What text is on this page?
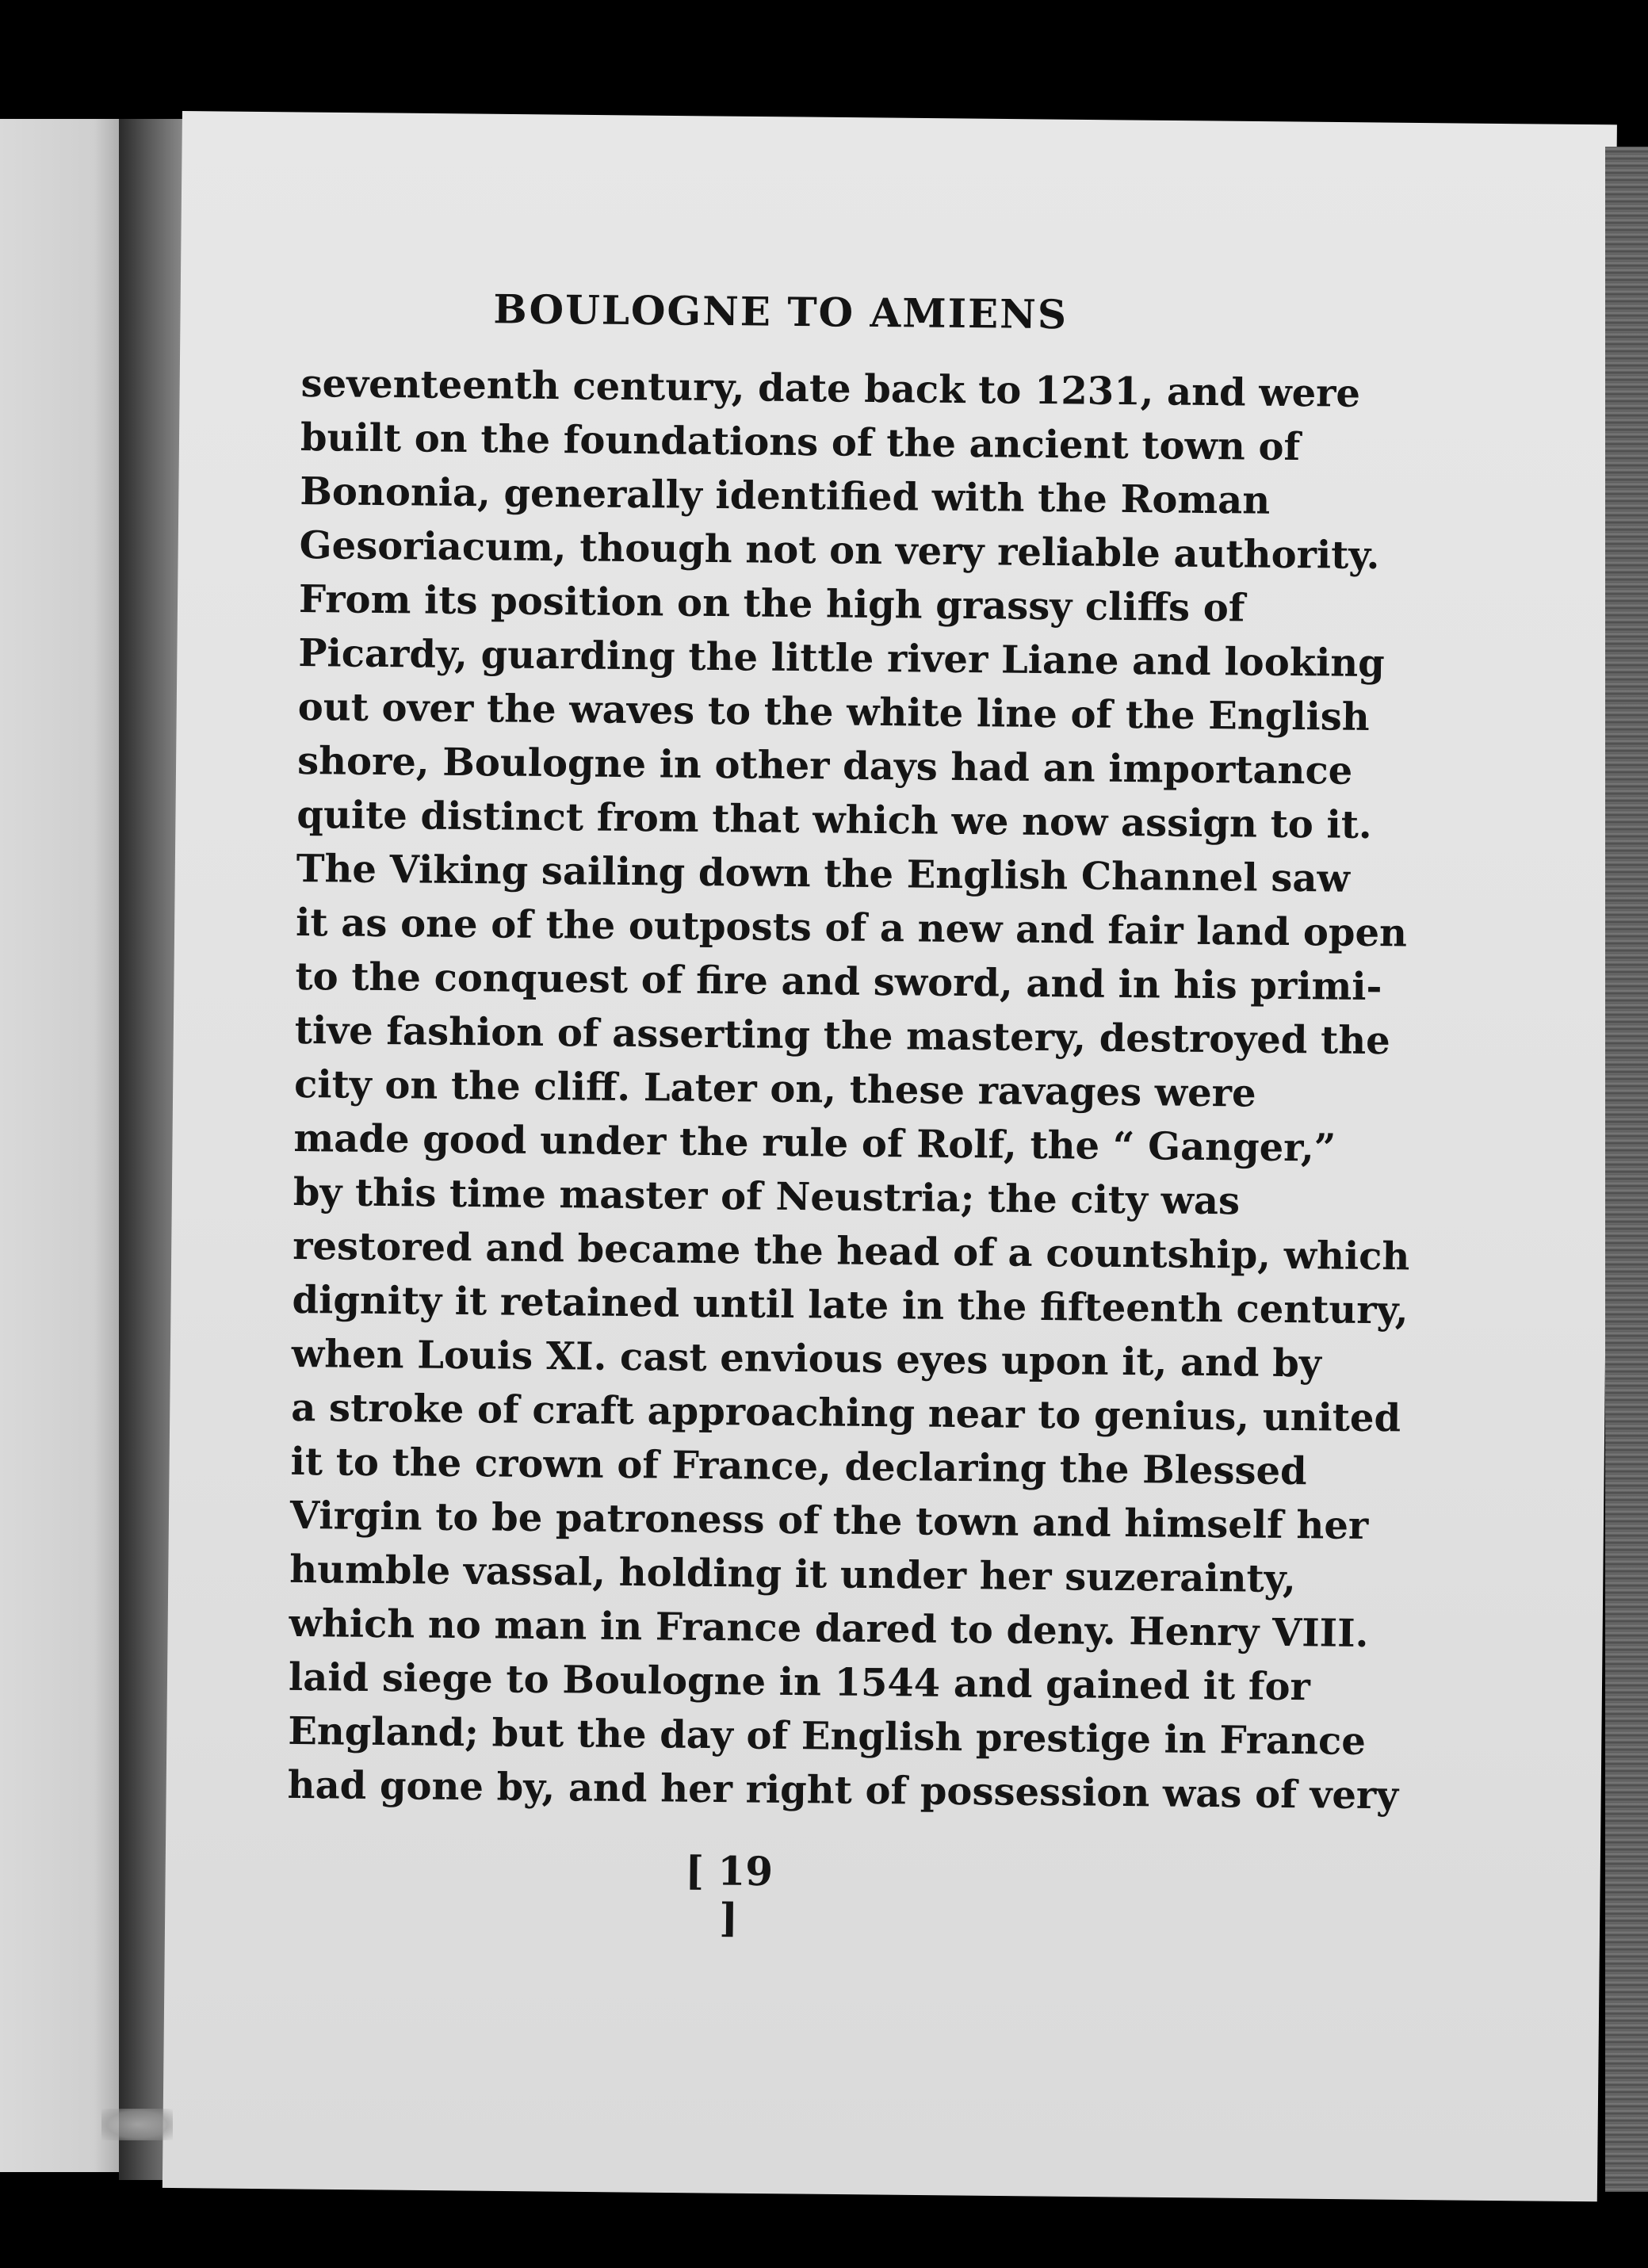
BOULOGNE TO AMIENS
seventeenth century, date back to 1231, and were
built on the foundations of the ancient town of
Bononia, generally identified with the Roman
Gesoriacum, though not on very reliable authority.
From its position on the high grassy cliffs of
Picardy, guarding the little river Liane and looking
out over the waves to the white line of the English
shore, Boulogne in other days had an importance
quite distinct from that which we now assign to it.
The Viking sailing down the English Channel saw
it as one of the outposts of a new and fair land open
to the conquest of fire and sword, and in his primi-
tive fashion of asserting the mastery, destroyed the
city on the cliff. Later on, these ravages were
made good under the rule of Rolf, the “ Ganger,”
by this time master of Neustria; the city was
restored and became the head of a countship, which
dignity it retained until late in the fifteenth century,
when Louis XI. cast envious eyes upon it, and by
a stroke of craft approaching near to genius, united
it to the crown of France, declaring the Blessed
Virgin to be patroness of the town and himself her
humble vassal, holding it under her suzerainty,
which no man in France dared to deny. Henry VIII.
laid siege to Boulogne in 1544 and gained it for
England; but the day of English prestige in France
had gone by, and her right of possession was of very
[ 19 ]
